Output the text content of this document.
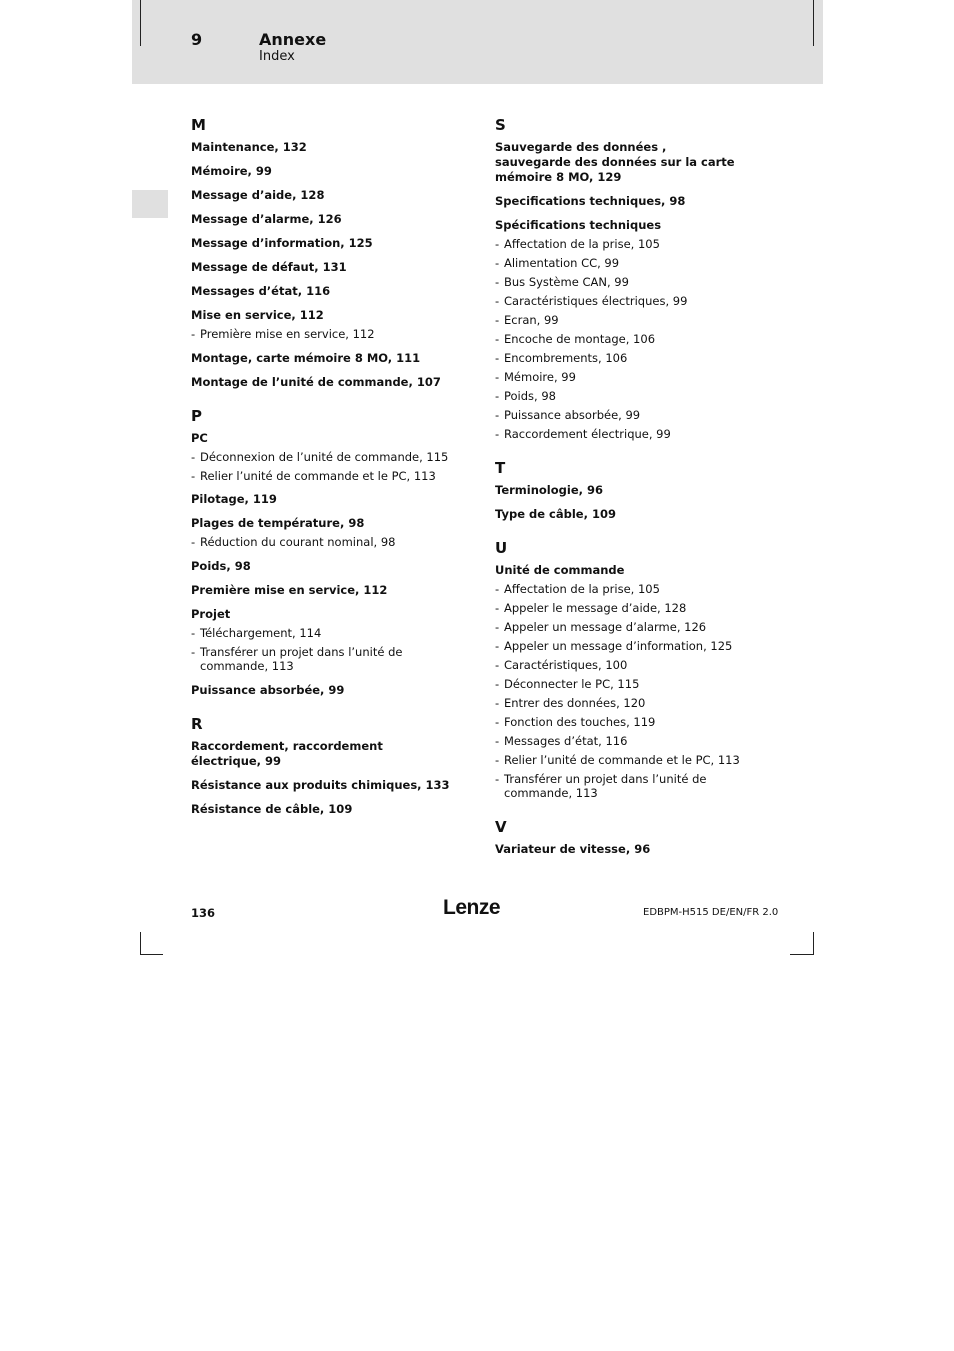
9	Annexe
Index
M
Maintenance, 132
Mémoire, 99
Message d’aide, 128
Message d’alarme, 126
Message d’information, 125
Message de défaut, 131
Messages d’état, 116
Mise en service, 112
- Première mise en service, 112
Montage, carte mémoire 8 MO, 111
Montage de l’unité de commande, 107
P
PC
- Déconnexion de l’unité de commande, 115
- Relier l’unité de commande et le PC, 113
Pilotage, 119
Plages de température, 98
- Réduction du courant nominal, 98
Poids, 98
Première mise en service, 112
Projet
- Téléchargement, 114
- Transférer un projet dans l’unité de commande, 113
Puissance absorbée, 99
R
Raccordement, raccordement électrique, 99
Résistance aux produits chimiques, 133
Résistance de câble, 109
S
Sauvegarde des données , sauvegarde des données sur la carte mémoire 8 MO, 129
Specifications techniques, 98
Spécifications techniques
- Affectation de la prise, 105
- Alimentation CC, 99
- Bus Système CAN, 99
- Caractéristiques électriques, 99
- Ecran, 99
- Encoche de montage, 106
- Encombrements, 106
- Mémoire, 99
- Poids, 98
- Puissance absorbée, 99
- Raccordement électrique, 99
T
Terminologie, 96
Type de câble, 109
U
Unité de commande
- Affectation de la prise, 105
- Appeler le message d’aide, 128
- Appeler un message d’alarme, 126
- Appeler un message d’information, 125
- Caractéristiques, 100
- Déconnecter le PC, 115
- Entrer des données, 120
- Fonction des touches, 119
- Messages d’état, 116
- Relier l’unité de commande et le PC, 113
- Transférer un projet dans l’unité de commande, 113
V
Variateur de vitesse, 96
136	Lenze	EDBPM-H515 DE/EN/FR 2.0
